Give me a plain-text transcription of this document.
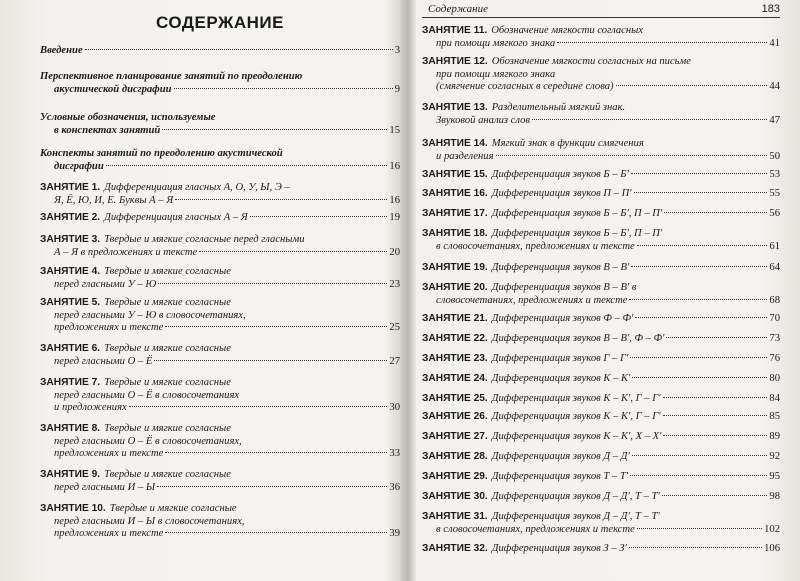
СОДЕРЖАНИЕ
Введение	3
Перспективное планирование занятий по преодолению
акустической дисграфии	9
Условные обозначения, используемые
в конспектах занятий	15
Конспекты занятий по преодолению акустической
дисграфии	16
ЗАНЯТИЕ 1. Дифференциация гласных А, О, У, Ы, Э –
Я, Ё, Ю, И, Е. Буквы А – Я	16
ЗАНЯТИЕ 2. Дифференциация гласных А – Я	19
ЗАНЯТИЕ 3. Твердые и мягкие согласные перед гласными
А – Я в предложениях и тексте	20
ЗАНЯТИЕ 4. Твердые и мягкие согласные
перед гласными У – Ю	23
ЗАНЯТИЕ 5. Твердые и мягкие согласные
перед гласными У – Ю в словосочетаниях,
предложениях и тексте	25
ЗАНЯТИЕ 6. Твердые и мягкие согласные
перед гласными О – Ё	27
ЗАНЯТИЕ 7. Твердые и мягкие согласные
перед гласными О – Ё в словосочетаниях
и предложениях	30
ЗАНЯТИЕ 8. Твердые и мягкие согласные
перед гласными О – Ё в словосочетаниях,
предложениях и тексте	33
ЗАНЯТИЕ 9. Твердые и мягкие согласные
перед гласными И – Ы	36
ЗАНЯТИЕ 10. Твердые и мягкие согласные
перед гласными И – Ы в словосочетаниях,
предложениях и тексте	39
Содержание	183
ЗАНЯТИЕ 11. Обозначение мягкости согласных
при помощи мягкого знака	41
ЗАНЯТИЕ 12. Обозначение мягкости согласных на письме
при помощи мягкого знака
(смягчение согласных в середине слова)	44
ЗАНЯТИЕ 13. Разделительный мягкий знак.
Звуковой анализ слов	47
ЗАНЯТИЕ 14. Мягкий знак в функции смягчения
и разделения	50
ЗАНЯТИЕ 15. Дифференциация звуков Б – Б'	53
ЗАНЯТИЕ 16. Дифференциация звуков П – П'	55
ЗАНЯТИЕ 17. Дифференциация звуков Б – Б', П – П'	56
ЗАНЯТИЕ 18. Дифференциация звуков Б – Б', П – П'
в словосочетаниях, предложениях и тексте	61
ЗАНЯТИЕ 19. Дифференциация звуков В – В'	64
ЗАНЯТИЕ 20. Дифференциация звуков В – В' в
словосочетаниях, предложениях и тексте	68
ЗАНЯТИЕ 21. Дифференциация звуков Ф – Ф'	70
ЗАНЯТИЕ 22. Дифференциация звуков В – В', Ф – Ф'	73
ЗАНЯТИЕ 23. Дифференциация звуков Г – Г'	76
ЗАНЯТИЕ 24. Дифференциация звуков К – К'	80
ЗАНЯТИЕ 25. Дифференциация звуков К – К', Г – Г'	84
ЗАНЯТИЕ 26. Дифференциация звуков К – К', Г – Г'	85
ЗАНЯТИЕ 27. Дифференциация звуков К – К', Х – Х'	89
ЗАНЯТИЕ 28. Дифференциация звуков Д – Д'	92
ЗАНЯТИЕ 29. Дифференциация звуков Т – Т'	95
ЗАНЯТИЕ 30. Дифференциация звуков Д – Д', Т – Т'	98
ЗАНЯТИЕ 31. Дифференциация звуков Д – Д', Т – Т'
в словосочетаниях, предложениях и тексте	102
ЗАНЯТИЕ 32. Дифференциация звуков З – З'	106
